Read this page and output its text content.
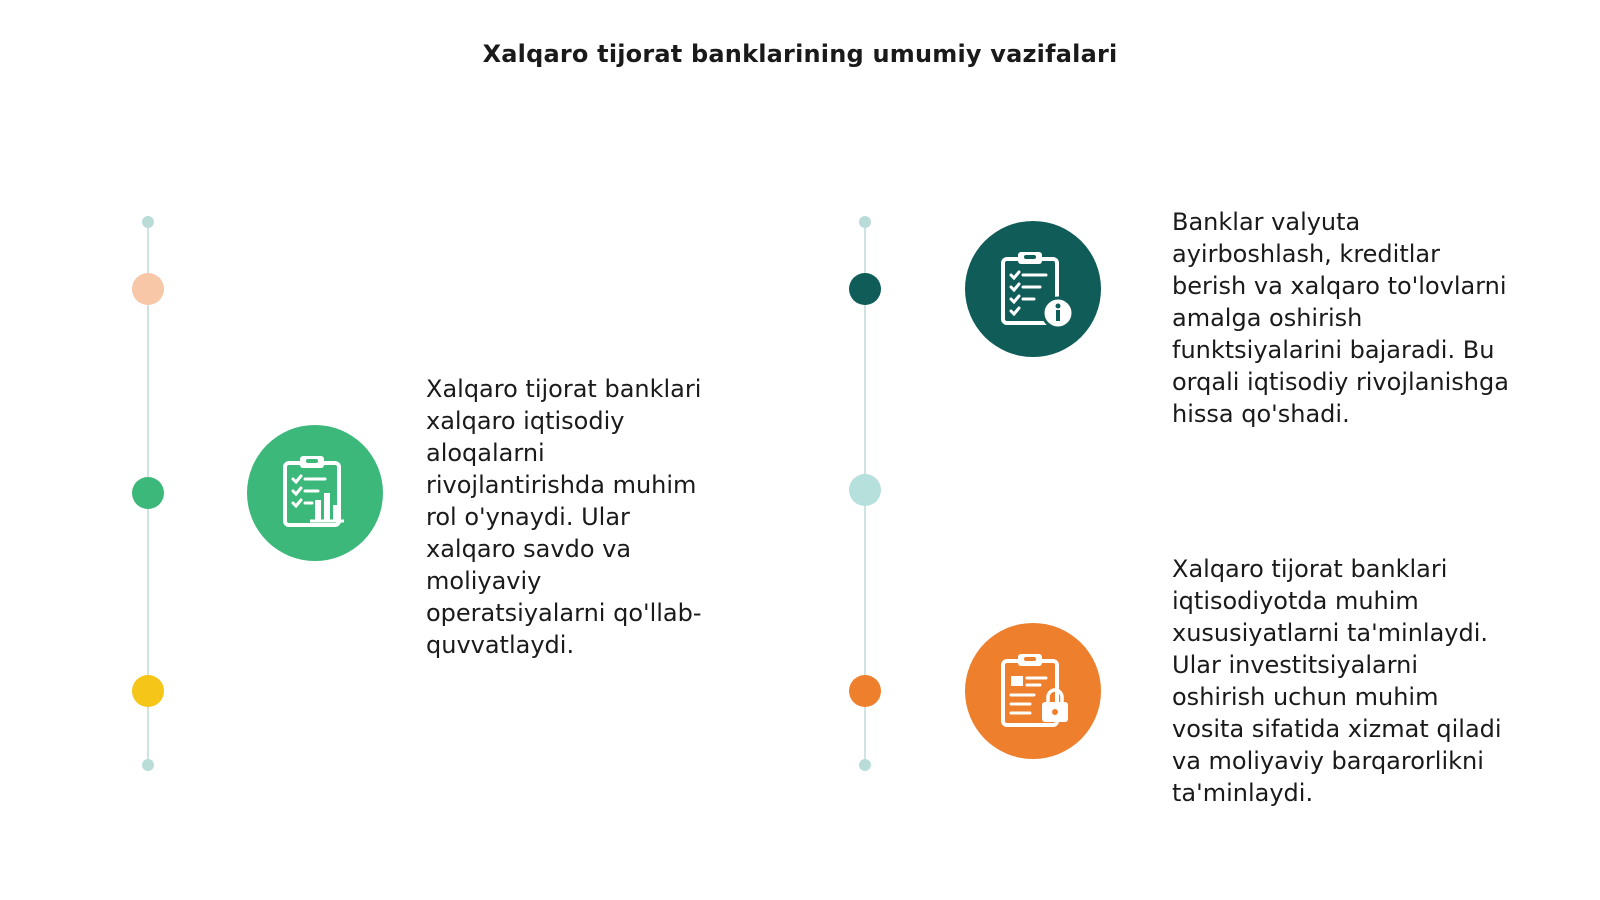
Xalqaro tijorat banklarining umumiy vazifalari
Xalqaro tijorat banklari
xalqaro iqtisodiy
aloqalarni
rivojlantirishda muhim
rol o'ynaydi. Ular
xalqaro savdo va
moliyaviy
operatsiyalarni qo'llab-
quvvatlaydi.
Banklar valyuta
ayirboshlash, kreditlar
berish va xalqaro to'lovlarni
amalga oshirish
funktsiyalarini bajaradi. Bu
orqali iqtisodiy rivojlanishga
hissa qo'shadi.
Xalqaro tijorat banklari
iqtisodiyotda muhim
xususiyatlarni ta'minlaydi.
Ular investitsiyalarni
oshirish uchun muhim
vosita sifatida xizmat qiladi
va moliyaviy barqarorlikni
ta'minlaydi.
